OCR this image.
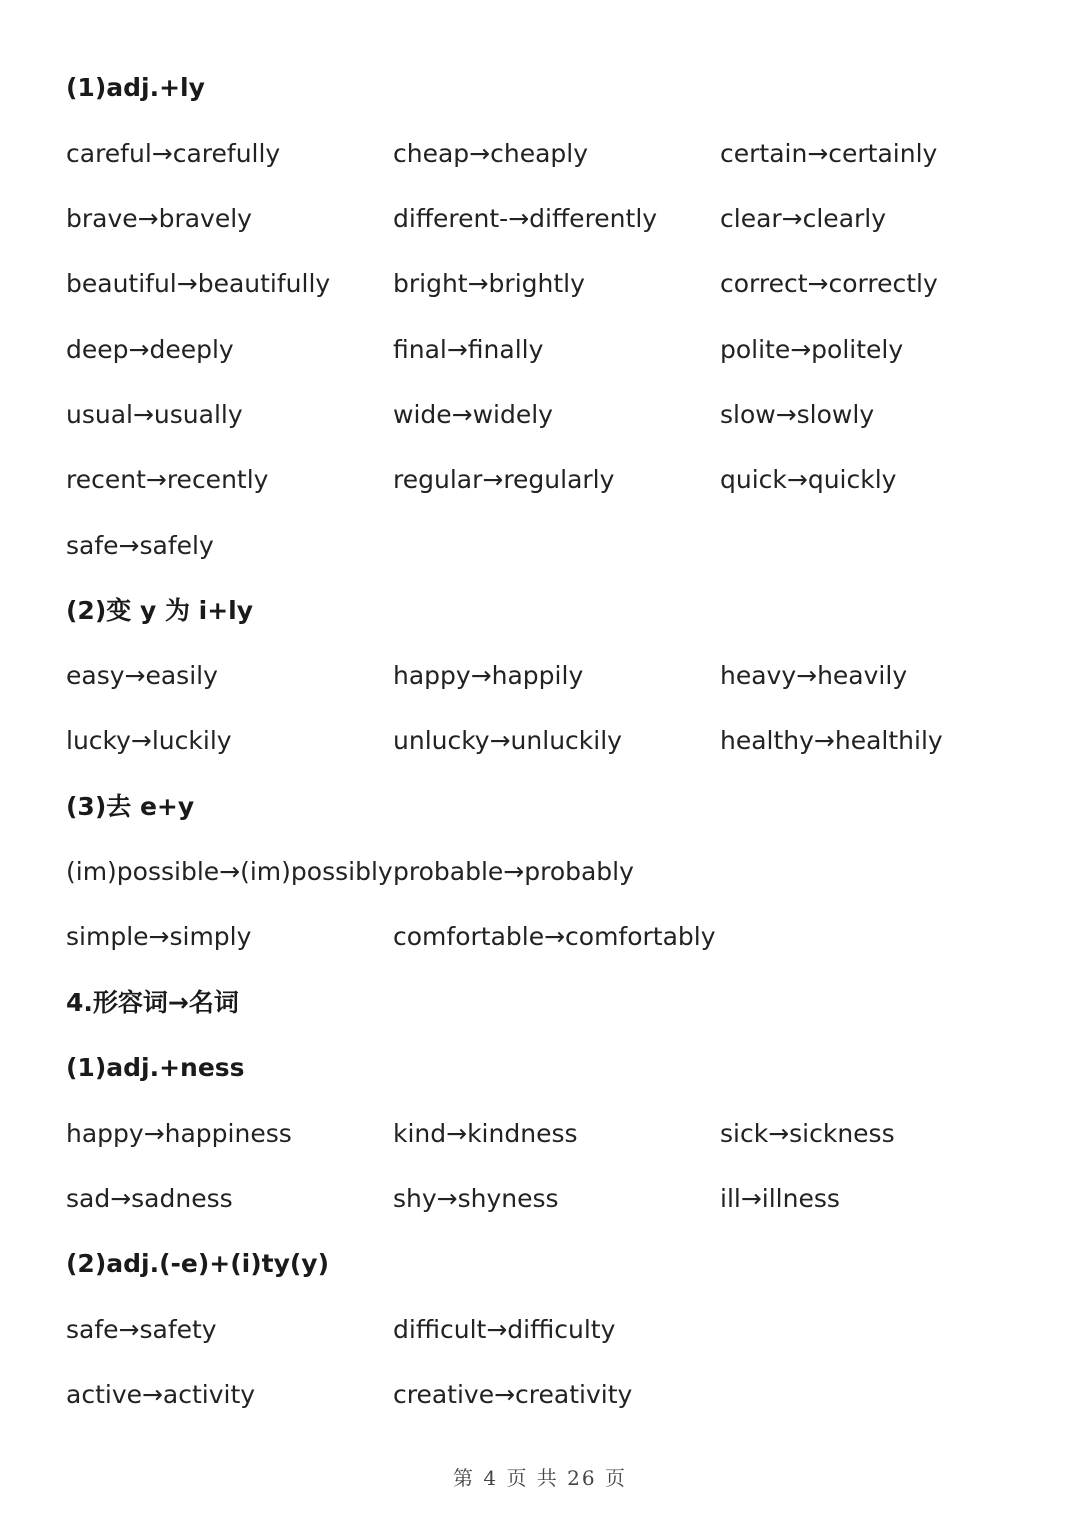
(1)adj.+ly
careful→carefully	cheap→cheaply	certain→certainly
brave→bravely	different-→differently	clear→clearly
beautiful→beautifully	bright→brightly	correct→correctly
deep→deeply	final→finally	polite→politely
usual→usually	wide→widely	slow→slowly
recent→recently	regular→regularly	quick→quickly
safe→safely
(2)变 y 为 i+ly
easy→easily	happy→happily	heavy→heavily
lucky→luckily	unlucky→unluckily	healthy→healthily
(3)去 e+y
(im)possible→(im)possibly probable→probably
simple→simply	comfortable→comfortably
4.形容词→名词
(1)adj.+ness
happy→happiness	kind→kindness	sick→sickness
sad→sadness	shy→shyness	ill→illness
(2)adj.(-e)+(i)ty(y)
safe→safety	difficult→difficulty
active→activity	creative→creativity
第 4 页 共 26 页
